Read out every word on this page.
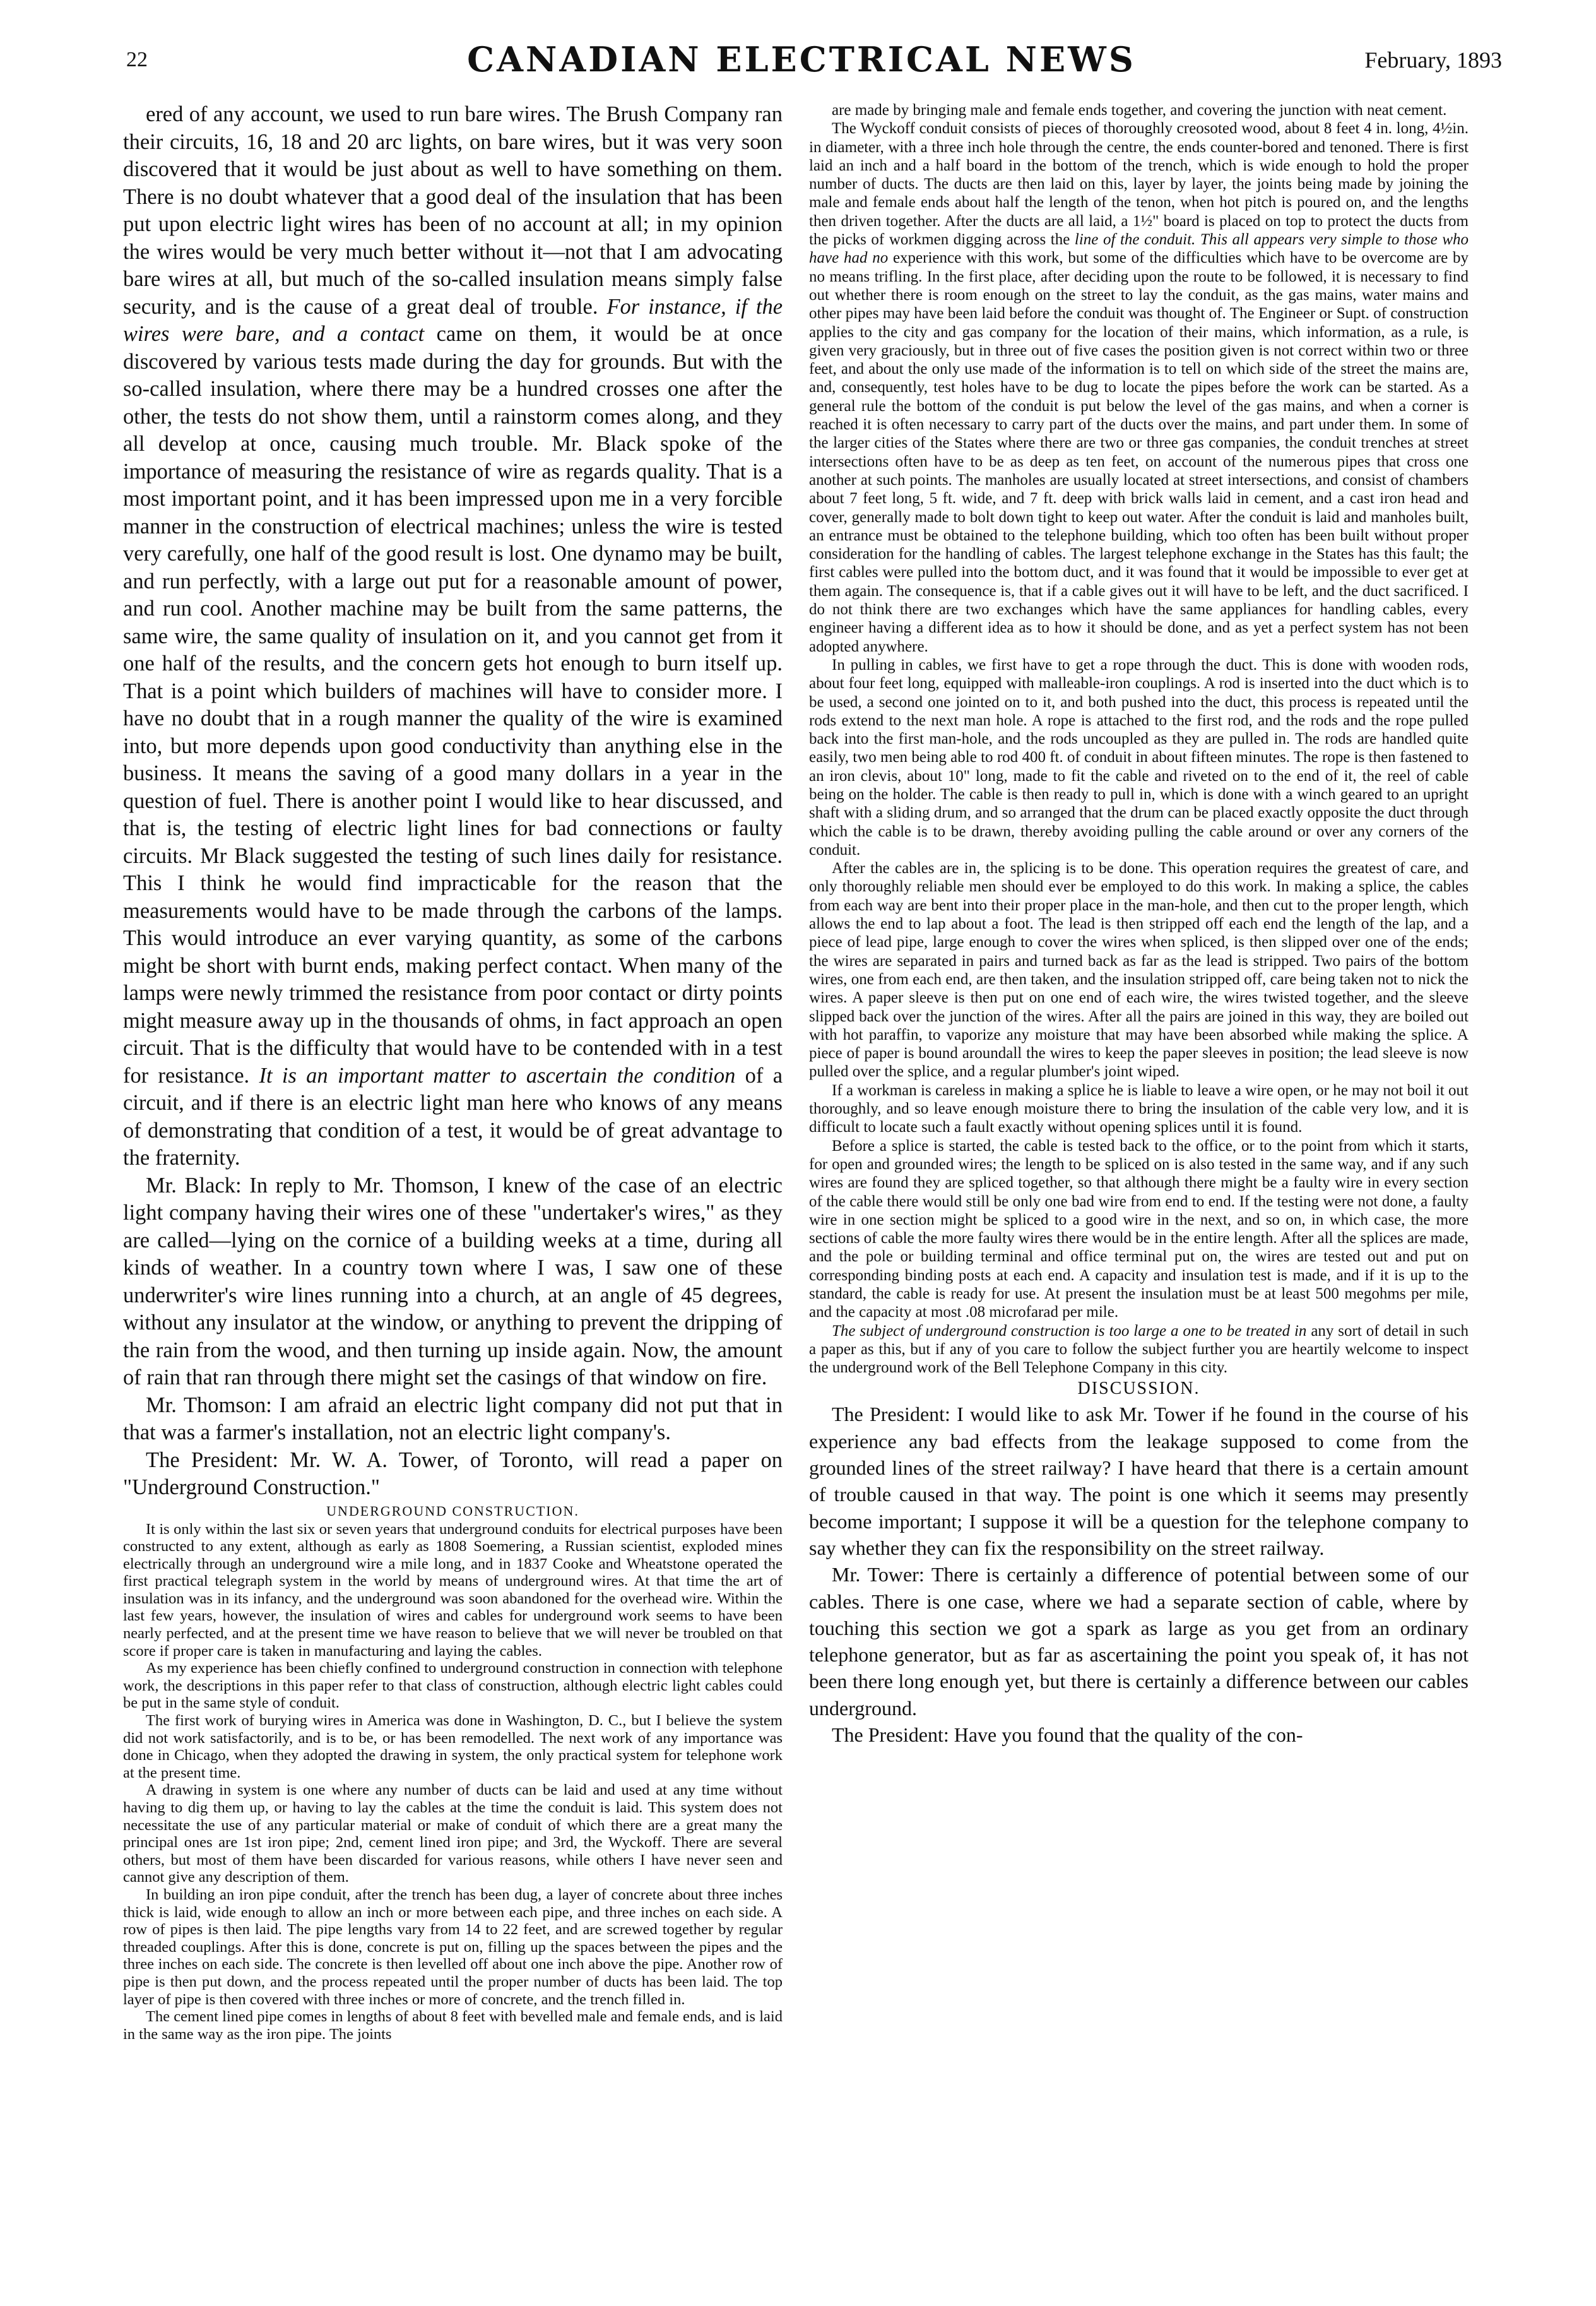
22	CANADIAN ELECTRICAL NEWS	February, 1893

ered of any account, we used to run bare wires. The Brush Company ran their circuits, 16, 18 and 20 arc lights, on bare wires, but it was very soon discovered that it would be just about as well to have something on them. There is no doubt whatever that a good deal of the insulation that has been put upon electric light wires has been of no account at all; in my opinion the wires would be very much better without it—not that I am advocating bare wires at all, but much of the so-called insulation means simply false security, and is the cause of a great deal of trouble. For instance, if the wires were bare, and a contact came on them, it would be at once discovered by various tests made during the day for grounds. But with the so-called insulation, where there may be a hundred crosses one after the other, the tests do not show them, until a rainstorm comes along, and they all develop at once, causing much trouble. Mr. Black spoke of the importance of measuring the resistance of wire as regards quality. That is a most important point, and it has been impressed upon me in a very forcible manner in the construction of electrical machines; unless the wire is tested very carefully, one half of the good result is lost. One dynamo may be built, and run perfectly, with a large out put for a reasonable amount of power, and run cool. Another machine may be built from the same patterns, the same wire, the same quality of insulation on it, and you cannot get from it one half of the results, and the concern gets hot enough to burn itself up. That is a point which builders of machines will have to consider more. I have no doubt that in a rough manner the quality of the wire is examined into, but more depends upon good conductivity than anything else in the business. It means the saving of a good many dollars in a year in the question of fuel. There is another point I would like to hear discussed, and that is, the testing of electric light lines for bad connections or faulty circuits. Mr Black suggested the testing of such lines daily for resistance. This I think he would find impracticable for the reason that the measurements would have to be made through the carbons of the lamps. This would introduce an ever varying quantity, as some of the carbons might be short with burnt ends, making perfect contact. When many of the lamps were newly trimmed the resistance from poor contact or dirty points might measure away up in the thousands of ohms, in fact approach an open circuit. That is the difficulty that would have to be contended with in a test for resistance. It is an important matter to ascertain the condition of a circuit, and if there is an electric light man here who knows of any means of demonstrating that condition of a test, it would be of great advantage to the fraternity.

Mr. Black: In reply to Mr. Thomson, I knew of the case of an electric light company having their wires one of these "undertaker's wires," as they are called—lying on the cornice of a building weeks at a time, during all kinds of weather. In a country town where I was, I saw one of these underwriter's wire lines running into a church, at an angle of 45 degrees, without any insulator at the window, or anything to prevent the dripping of the rain from the wood, and then turning up inside again. Now, the amount of rain that ran through there might set the casings of that window on fire.

Mr. Thomson: I am afraid an electric light company did not put that in that was a farmer's installation, not an electric light company's.

The President: Mr. W. A. Tower, of Toronto, will read a paper on "Underground Construction."

UNDERGROUND CONSTRUCTION.

It is only within the last six or seven years that underground conduits for electrical purposes have been constructed to any extent, although as early as 1808 Soemering, a Russian scientist, exploded mines electrically through an underground wire a mile long, and in 1837 Cooke and Wheatstone operated the first practical telegraph system in the world by means of underground wires. At that time the art of insulation was in its infancy, and the underground was soon abandoned for the overhead wire. Within the last few years, however, the insulation of wires and cables for underground work seems to have been nearly perfected, and at the present time we have reason to believe that we will never be troubled on that score if proper care is taken in manufacturing and laying the cables.

As my experience has been chiefly confined to underground construction in connection with telephone work, the descriptions in this paper refer to that class of construction, although electric light cables could be put in the same style of conduit.

The first work of burying wires in America was done in Washington, D. C., but I believe the system did not work satisfactorily, and is to be, or has been remodelled. The next work of any importance was done in Chicago, when they adopted the drawing in system, the only practical system for telephone work at the present time.

A drawing in system is one where any number of ducts can be laid and used at any time without having to dig them up, or having to lay the cables at the time the conduit is laid. This system does not necessitate the use of any particular material or make of conduit of which there are a great many the principal ones are 1st iron pipe; 2nd, cement lined iron pipe; and 3rd, the Wyckoff. There are several others, but most of them have been discarded for various reasons, while others I have never seen and cannot give any description of them.

In building an iron pipe conduit, after the trench has been dug, a layer of concrete about three inches thick is laid, wide enough to allow an inch or more between each pipe, and three inches on each side. A row of pipes is then laid. The pipe lengths vary from 14 to 22 feet, and are screwed together by regular threaded couplings. After this is done, concrete is put on, filling up the spaces between the pipes and the three inches on each side. The concrete is then levelled off about one inch above the pipe. Another row of pipe is then put down, and the process repeated until the proper number of ducts has been laid. The top layer of pipe is then covered with three inches or more of concrete, and the trench filled in.

The cement lined pipe comes in lengths of about 8 feet with bevelled male and female ends, and is laid in the same way as the iron pipe. The joints

are made by bringing male and female ends together, and covering the junction with neat cement.

The Wyckoff conduit consists of pieces of thoroughly creosoted wood, about 8 feet 4 in. long, 4½in. in diameter, with a three inch hole through the centre, the ends counter-bored and tenoned. There is first laid an inch and a half board in the bottom of the trench, which is wide enough to hold the proper number of ducts. The ducts are then laid on this, layer by layer, the joints being made by joining the male and female ends about half the length of the tenon, when hot pitch is poured on, and the lengths then driven together. After the ducts are all laid, a 1½" board is placed on top to protect the ducts from the picks of workmen digging across the line of the conduit. This all appears very simple to those who have had no experience with this work, but some of the difficulties which have to be overcome are by no means trifling. In the first place, after deciding upon the route to be followed, it is necessary to find out whether there is room enough on the street to lay the conduit, as the gas mains, water mains and other pipes may have been laid before the conduit was thought of. The Engineer or Supt. of construction applies to the city and gas company for the location of their mains, which information, as a rule, is given very graciously, but in three out of five cases the position given is not correct within two or three feet, and about the only use made of the information is to tell on which side of the street the mains are, and, consequently, test holes have to be dug to locate the pipes before the work can be started. As a general rule the bottom of the conduit is put below the level of the gas mains, and when a corner is reached it is often necessary to carry part of the ducts over the mains, and part under them. In some of the larger cities of the States where there are two or three gas companies, the conduit trenches at street intersections often have to be as deep as ten feet, on account of the numerous pipes that cross one another at such points. The manholes are usually located at street intersections, and consist of chambers about 7 feet long, 5 ft. wide, and 7 ft. deep with brick walls laid in cement, and a cast iron head and cover, generally made to bolt down tight to keep out water. After the conduit is laid and manholes built, an entrance must be obtained to the telephone building, which too often has been built without proper consideration for the handling of cables. The largest telephone exchange in the States has this fault; the first cables were pulled into the bottom duct, and it was found that it would be impossible to ever get at them again. The consequence is, that if a cable gives out it will have to be left, and the duct sacrificed. I do not think there are two exchanges which have the same appliances for handling cables, every engineer having a different idea as to how it should be done, and as yet a perfect system has not been adopted anywhere.

In pulling in cables, we first have to get a rope through the duct. This is done with wooden rods, about four feet long, equipped with malleable-iron couplings. A rod is inserted into the duct which is to be used, a second one jointed on to it, and both pushed into the duct, this process is repeated until the rods extend to the next man hole. A rope is attached to the first rod, and the rods and the rope pulled back into the first man-hole, and the rods uncoupled as they are pulled in. The rods are handled quite easily, two men being able to rod 400 ft. of conduit in about fifteen minutes. The rope is then fastened to an iron clevis, about 10" long, made to fit the cable and riveted on to the end of it, the reel of cable being on the holder. The cable is then ready to pull in, which is done with a winch geared to an upright shaft with a sliding drum, and so arranged that the drum can be placed exactly opposite the duct through which the cable is to be drawn, thereby avoiding pulling the cable around or over any corners of the conduit.

After the cables are in, the splicing is to be done. This operation requires the greatest of care, and only thoroughly reliable men should ever be employed to do this work. In making a splice, the cables from each way are bent into their proper place in the man-hole, and then cut to the proper length, which allows the end to lap about a foot. The lead is then stripped off each end the length of the lap, and a piece of lead pipe, large enough to cover the wires when spliced, is then slipped over one of the ends; the wires are separated in pairs and turned back as far as the lead is stripped. Two pairs of the bottom wires, one from each end, are then taken, and the insulation stripped off, care being taken not to nick the wires. A paper sleeve is then put on one end of each wire, the wires twisted together, and the sleeve slipped back over the junction of the wires. After all the pairs are joined in this way, they are boiled out with hot paraffin, to vaporize any moisture that may have been absorbed while making the splice. A piece of paper is bound aroundall the wires to keep the paper sleeves in position; the lead sleeve is now pulled over the splice, and a regular plumber's joint wiped.

If a workman is careless in making a splice he is liable to leave a wire open, or he may not boil it out thoroughly, and so leave enough moisture there to bring the insulation of the cable very low, and it is difficult to locate such a fault exactly without opening splices until it is found.

Before a splice is started, the cable is tested back to the office, or to the point from which it starts, for open and grounded wires; the length to be spliced on is also tested in the same way, and if any such wires are found they are spliced together, so that although there might be a faulty wire in every section of the cable there would still be only one bad wire from end to end. If the testing were not done, a faulty wire in one section might be spliced to a good wire in the next, and so on, in which case, the more sections of cable the more faulty wires there would be in the entire length. After all the splices are made, and the pole or building terminal and office terminal put on, the wires are tested out and put on corresponding binding posts at each end. A capacity and insulation test is made, and if it is up to the standard, the cable is ready for use. At present the insulation must be at least 500 megohms per mile, and the capacity at most .08 microfarad per mile.

The subject of underground construction is too large a one to be treated in any sort of detail in such a paper as this, but if any of you care to follow the subject further you are heartily welcome to inspect the underground work of the Bell Telephone Company in this city.

DISCUSSION.

The President: I would like to ask Mr. Tower if he found in the course of his experience any bad effects from the leakage supposed to come from the grounded lines of the street railway? I have heard that there is a certain amount of trouble caused in that way. The point is one which it seems may presently become important; I suppose it will be a question for the telephone company to say whether they can fix the responsibility on the street railway.

Mr. Tower: There is certainly a difference of potential between some of our cables. There is one case, where we had a separate section of cable, where by touching this section we got a spark as large as you get from an ordinary telephone generator, but as far as ascertaining the point you speak of, it has not been there long enough yet, but there is certainly a difference between our cables underground.

The President: Have you found that the quality of the con-
